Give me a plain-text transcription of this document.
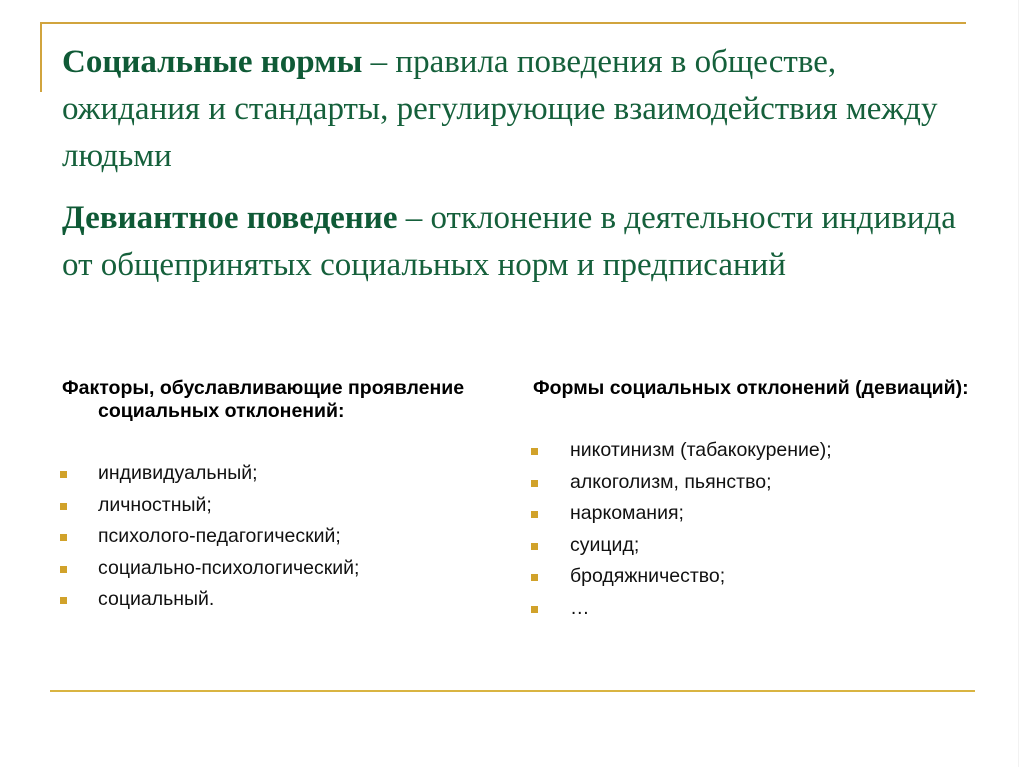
Социальные нормы – правила поведения в обществе, ожидания и стандарты, регулирующие взаимодействия между людьми

Девиантное поведение – отклонение в деятельности индивида от общепринятых социальных норм и предписаний

Факторы, обуславливающие проявление социальных отклонений:

индивидуальный;
личностный;
психолого-педагогический;
социально-психологический;
социальный.

Формы социальных отклонений (девиаций):

никотинизм (табакокурение);
алкоголизм, пьянство;
наркомания;
суицид;
бродяжничество;
…
